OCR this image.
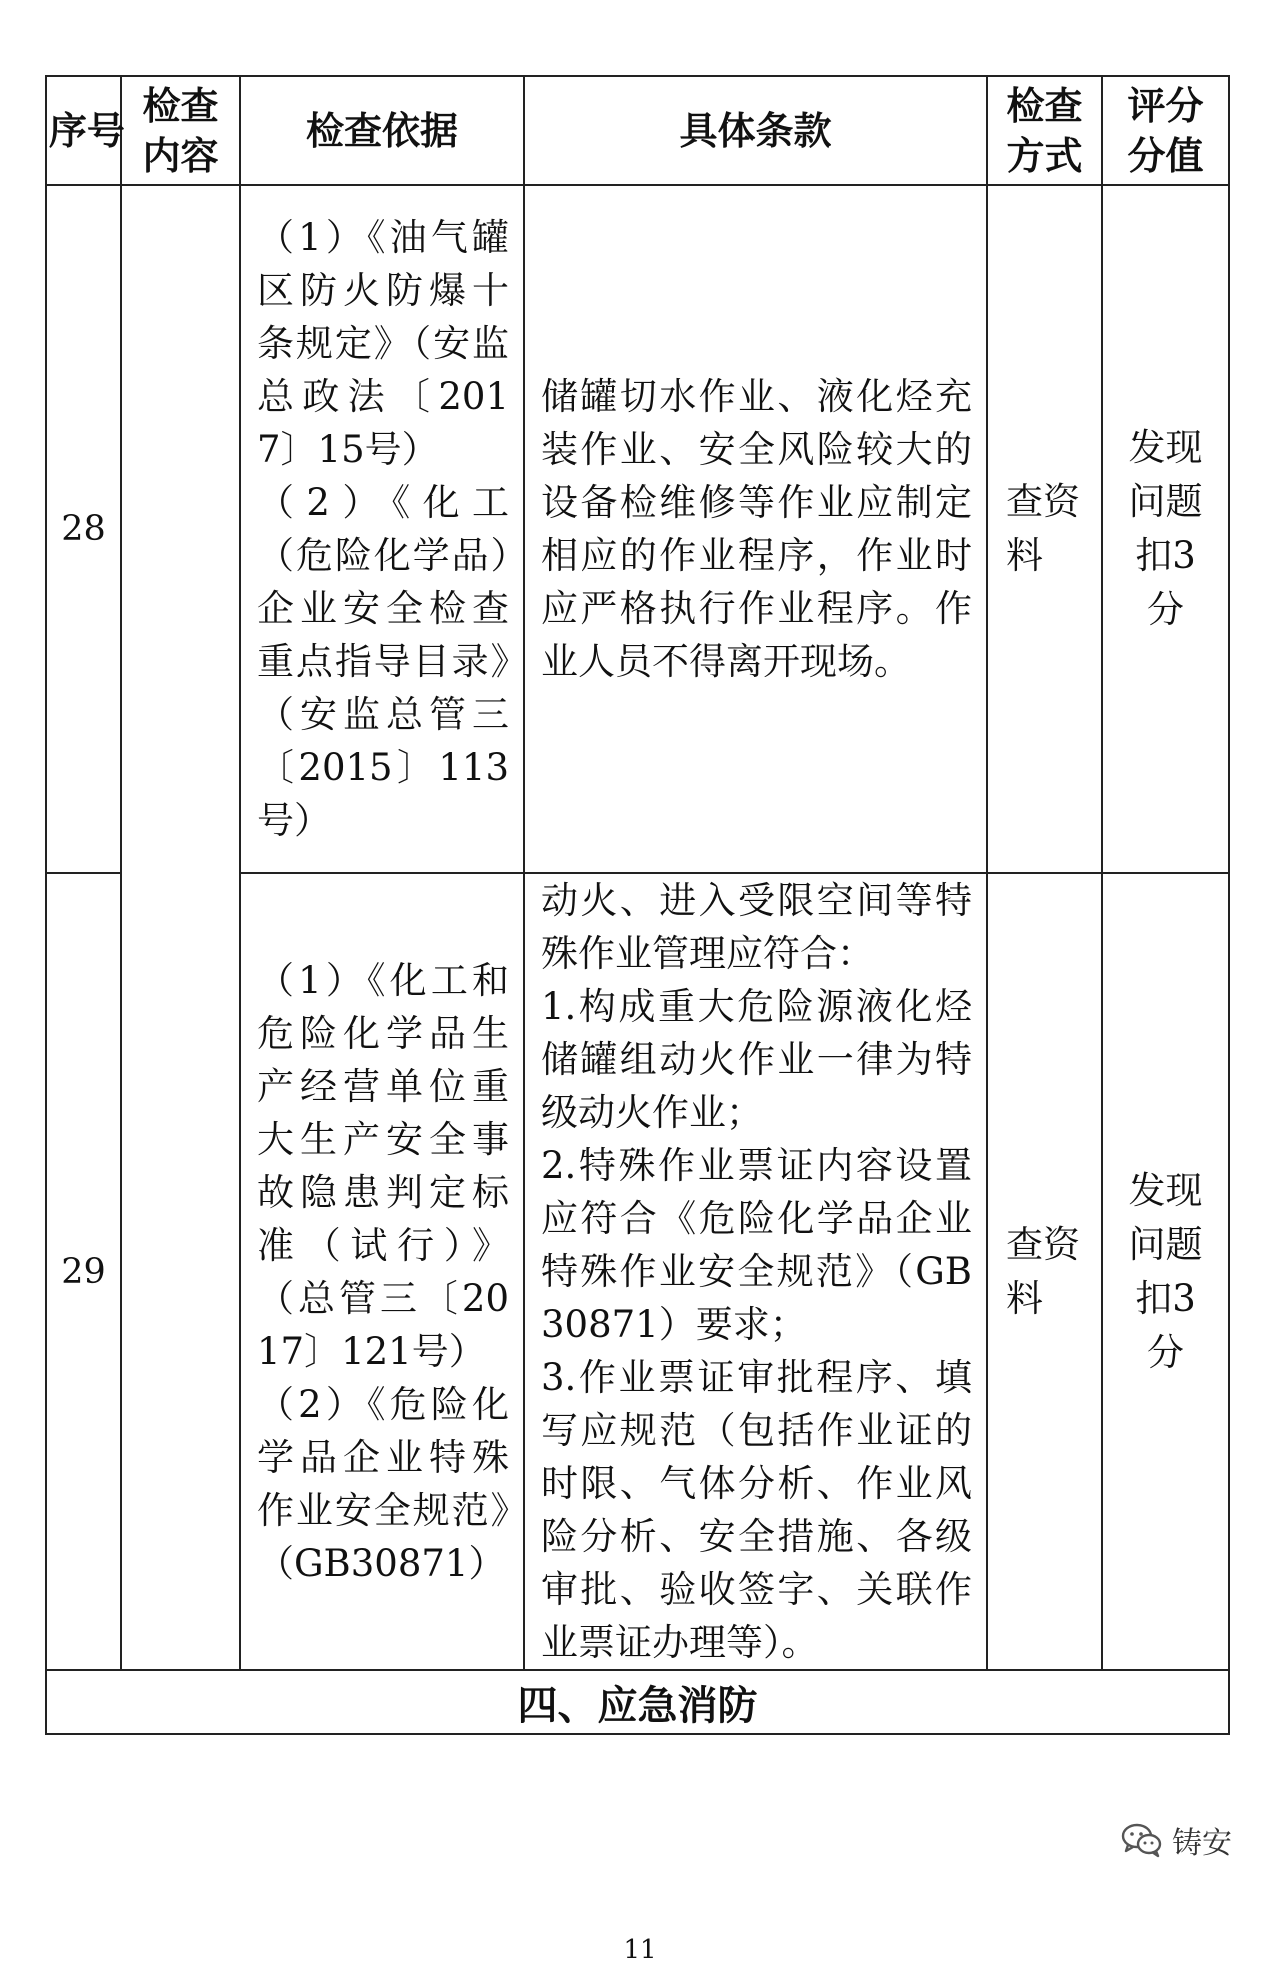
序号	检查内容	检查依据	具体条款	检查方式	评分分值
28		（1）《油气罐区防火防爆十条规定》（安监总政法〔2017〕15号）
（2）《化工（危险化学品）企业安全检查重点指导目录》（安监总管三〔2015〕113号）	储罐切水作业、液化烃充装作业、安全风险较大的设备检维修等作业应制定相应的作业程序，作业时应严格执行作业程序。作业人员不得离开现场。	查资料	发现问题扣3分
29		（1）《化工和危险化学品生产经营单位重大生产安全事故隐患判定标准（试行）》（总管三〔2017〕121号）
（2）《危险化学品企业特殊作业安全规范》（GB30871）	动火、进入受限空间等特殊作业管理应符合：
1.构成重大危险源液化烃储罐组动火作业一律为特级动火作业；
2.特殊作业票证内容设置应符合《危险化学品企业特殊作业安全规范》（GB30871）要求；
3.作业票证审批程序、填写应规范（包括作业证的时限、气体分析、作业风险分析、安全措施、各级审批、验收签字、关联作业票证办理等）。	查资料	发现问题扣3分
四、应急消防					
铸安
11
